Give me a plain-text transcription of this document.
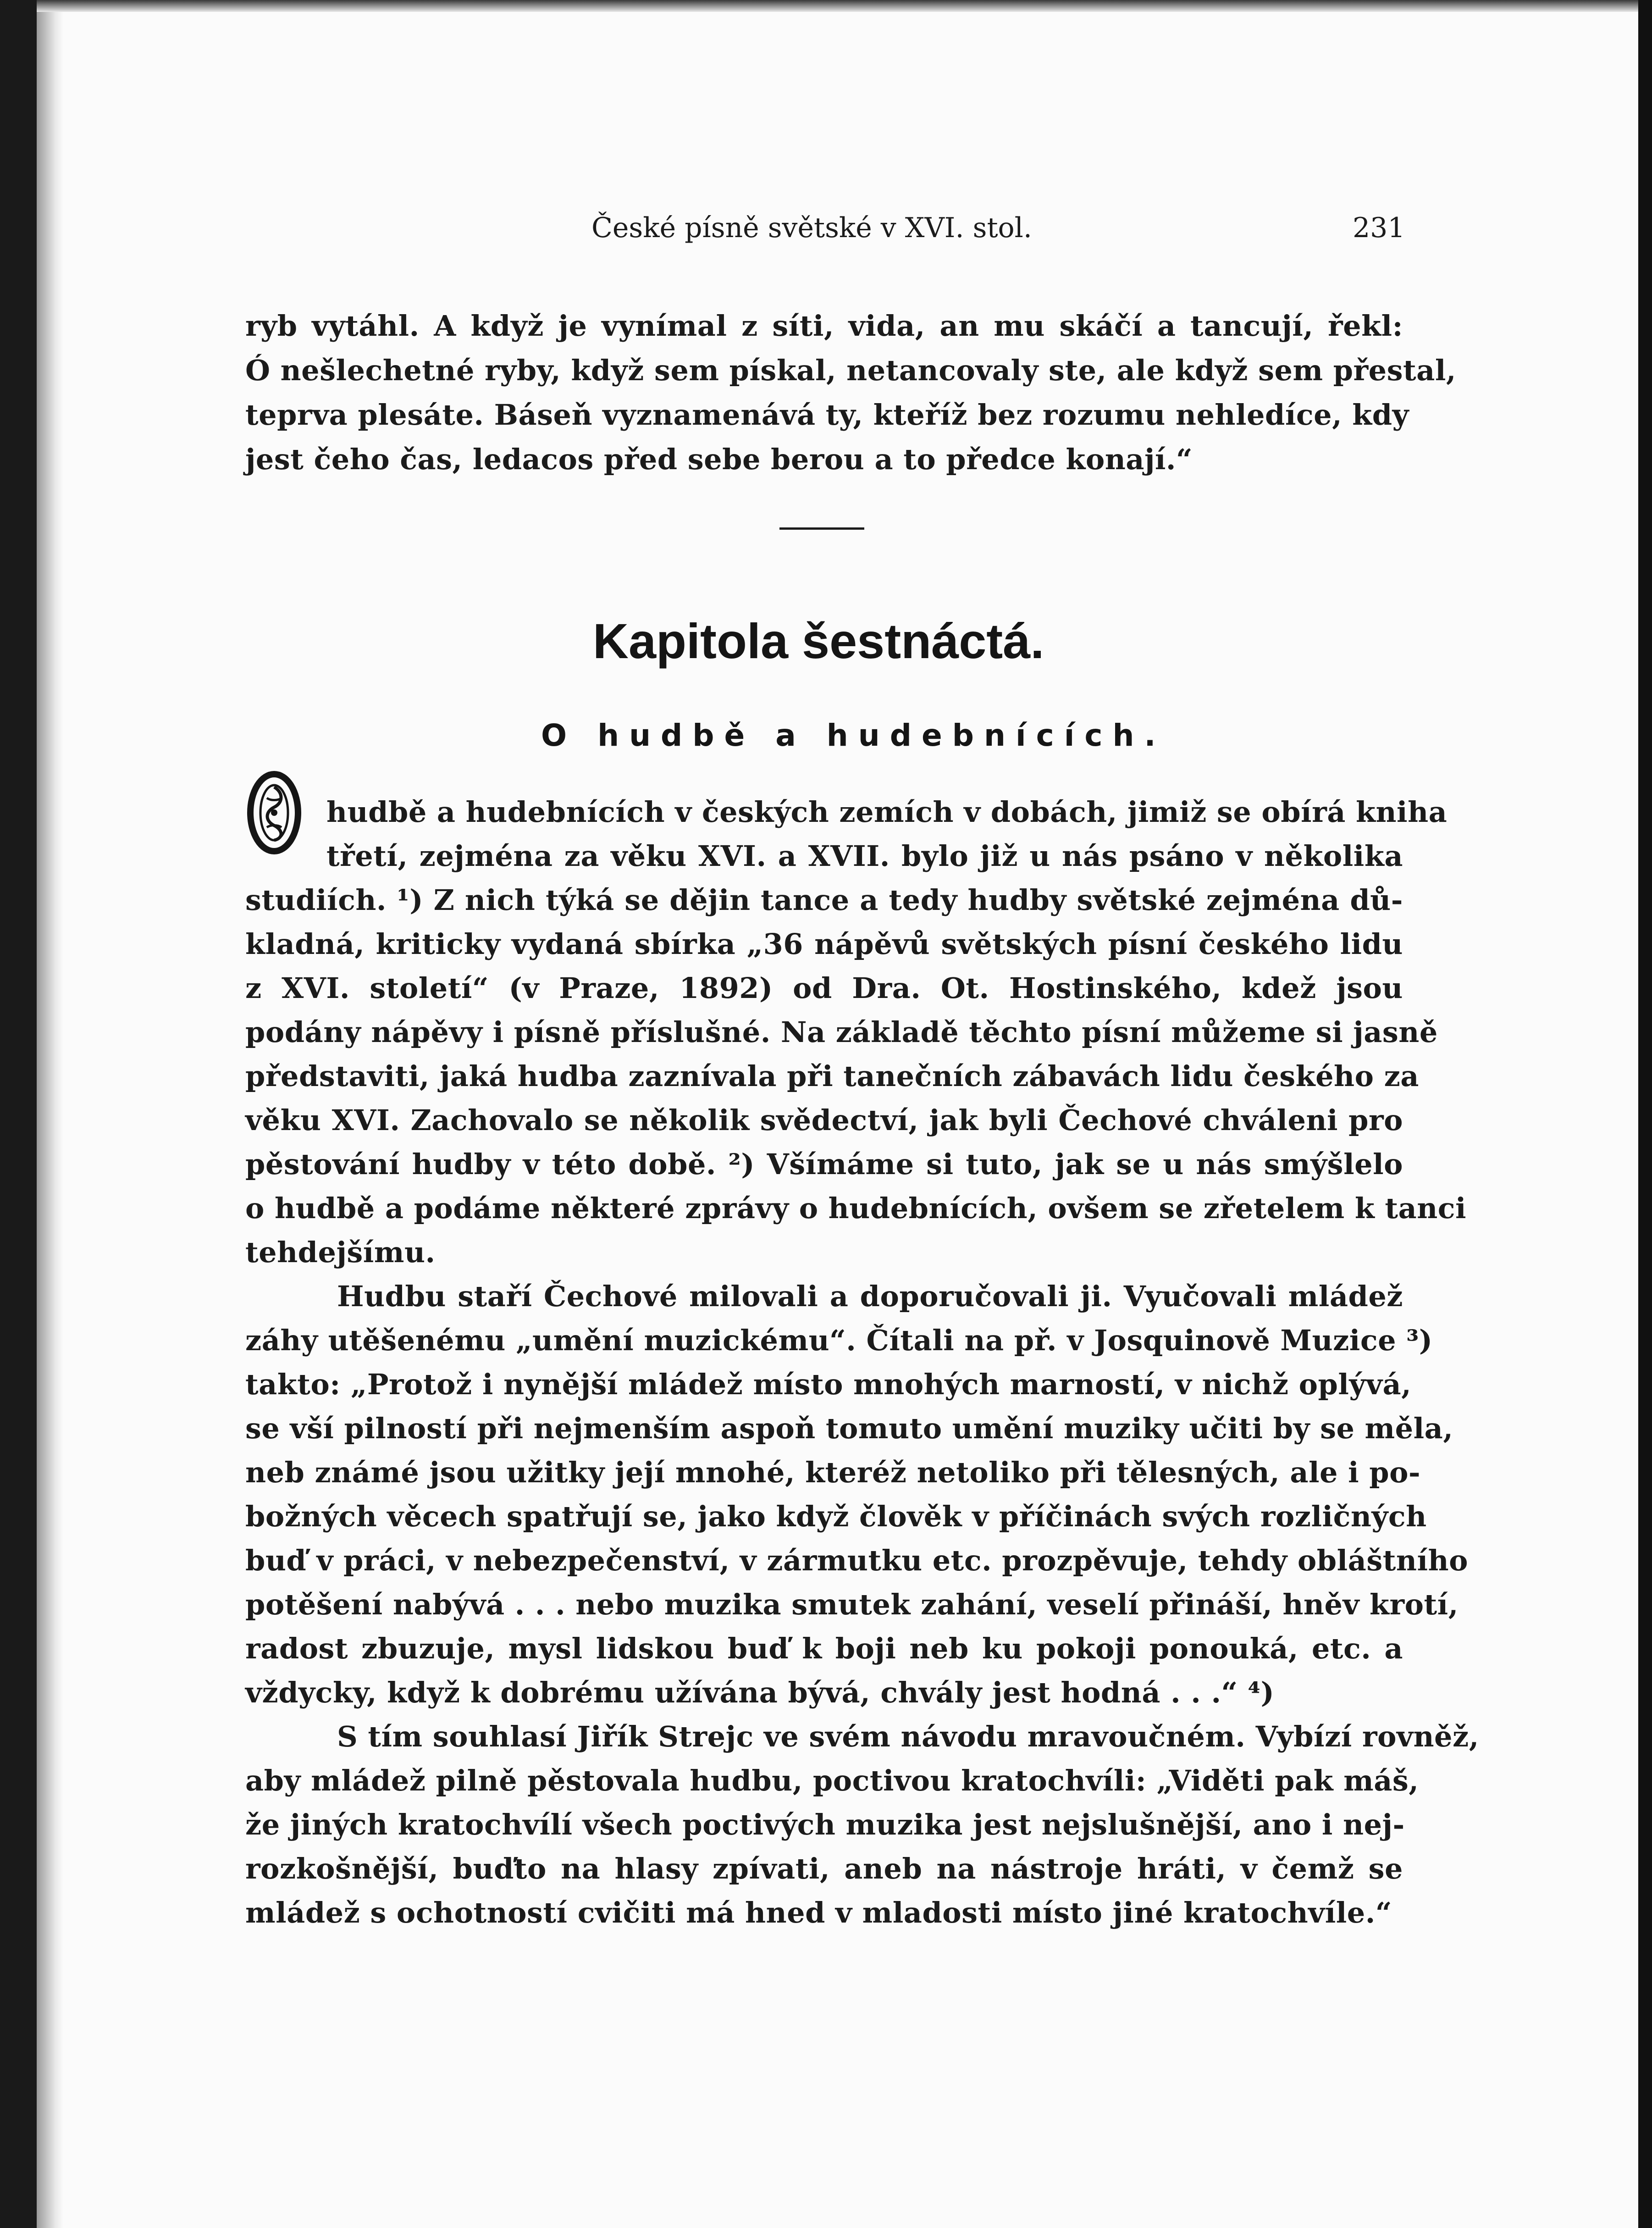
České písně světské v XVI. stol.	231
ryb vytáhl. A když je vynímal z síti, vida, an mu skáčí a tancují, řekl:
Ó nešlechetné ryby, když sem pískal, netancovaly ste, ale když sem přestal,
teprva plesáte. Báseň vyznamenává ty, kteříž bez rozumu nehledíce, kdy
jest čeho čas, ledacos před sebe berou a to předce konají.“
Kapitola šestnáctá.
O hudbě a hudebnících.
O hudbě a hudebnících v českých zemích v dobách, jimiž se obírá kniha
třetí, zejména za věku XVI. a XVII. bylo již u nás psáno v několika
studiích. ¹) Z nich týká se dějin tance a tedy hudby světské zejména dů-
kladná, kriticky vydaná sbírka „36 nápěvů světských písní českého lidu
z XVI. století“ (v Praze, 1892) od Dra. Ot. Hostinského, kdež jsou
podány nápěvy i písně příslušné. Na základě těchto písní můžeme si jasně
představiti, jaká hudba zaznívala při tanečních zábavách lidu českého za
věku XVI. Zachovalo se několik svědectví, jak byli Čechové chváleni pro
pěstování hudby v této době. ²) Všímáme si tuto, jak se u nás smýšlelo
o hudbě a podáme některé zprávy o hudebnících, ovšem se zřetelem k tanci
tehdejšímu.
Hudbu staří Čechové milovali a doporučovali ji. Vyučovali mládež
záhy utěšenému „umění muzickému“. Čítali na př. v Josquinově Muzice ³)
takto: „Protož i nynější mládež místo mnohých marností, v nichž oplývá,
se vší pilností při nejmenším aspoň tomuto umění muziky učiti by se měla,
neb známé jsou užitky její mnohé, kteréž netoliko při tělesných, ale i po-
božných věcech spatřují se, jako když člověk v příčinách svých rozličných
buď v práci, v nebezpečenství, v zármutku etc. prozpěvuje, tehdy obláštního
potěšení nabývá . . . nebo muzika smutek zahání, veselí přináší, hněv krotí,
radost zbuzuje, mysl lidskou buď k boji neb ku pokoji ponouká, etc. a
vždycky, když k dobrému užívána bývá, chvály jest hodná . . .“ ⁴)
S tím souhlasí Jiřík Strejc ve svém návodu mravoučném. Vybízí rovněž,
aby mládež pilně pěstovala hudbu, poctivou kratochvíli: „Viděti pak máš,
že jiných kratochvílí všech poctivých muzika jest nejslušnější, ano i nej-
rozkošnější, buďto na hlasy zpívati, aneb na nástroje hráti, v čemž se
mládež s ochotností cvičiti má hned v mladosti místo jiné kratochvíle.“
